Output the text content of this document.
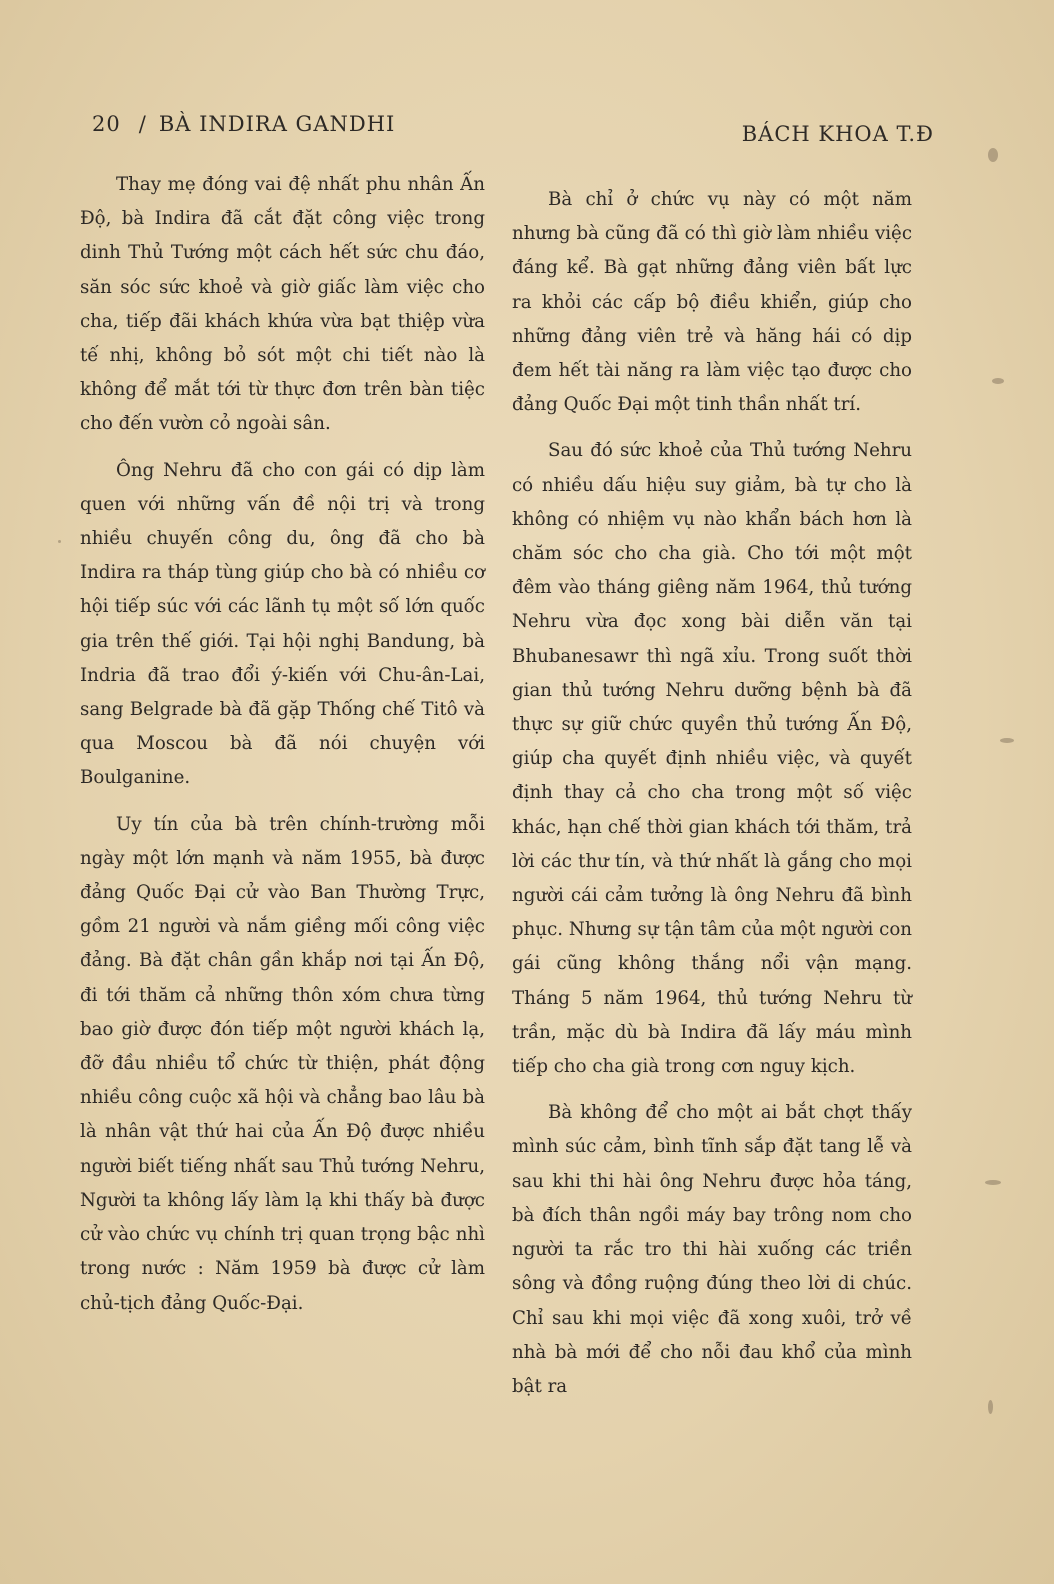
20 / BÀ INDIRA GANDHI	BÁCH KHOA T.Đ

Thay mẹ đóng vai đệ nhất phu nhân Ấn Độ, bà Indira đã cắt đặt công việc trong dinh Thủ Tướng một cách hết sức chu đáo, săn sóc sức khoẻ và giờ giấc làm việc cho cha, tiếp đãi khách khứa vừa bạt thiệp vừa tế nhị, không bỏ sót một chi tiết nào là không để mắt tới từ thực đơn trên bàn tiệc cho đến vườn cỏ ngoài sân.

Ông Nehru đã cho con gái có dịp làm quen với những vấn đề nội trị và trong nhiều chuyến công du, ông đã cho bà Indira ra tháp tùng giúp cho bà có nhiều cơ hội tiếp súc với các lãnh tụ một số lớn quốc gia trên thế giới. Tại hội nghị Bandung, bà Indria đã trao đổi ý-kiến với Chu-ân-Lai, sang Belgrade bà đã gặp Thống chế Titô và qua Moscou bà đã nói chuyện với Boulganine.

Uy tín của bà trên chính-trường mỗi ngày một lớn mạnh và năm 1955, bà được đảng Quốc Đại cử vào Ban Thường Trực, gồm 21 người và nắm giềng mối công việc đảng. Bà đặt chân gần khắp nơi tại Ấn Độ, đi tới thăm cả những thôn xóm chưa từng bao giờ được đón tiếp một người khách lạ, đỡ đầu nhiều tổ chức từ thiện, phát động nhiều công cuộc xã hội và chẳng bao lâu bà là nhân vật thứ hai của Ấn Độ được nhiều người biết tiếng nhất sau Thủ tướng Nehru, Người ta không lấy làm lạ khi thấy bà được cử vào chức vụ chính trị quan trọng bậc nhì trong nước : Năm 1959 bà được cử làm chủ-tịch đảng Quốc-Đại.

Bà chỉ ở chức vụ này có một năm nhưng bà cũng đã có thì giờ làm nhiều việc đáng kể. Bà gạt những đảng viên bất lực ra khỏi các cấp bộ điều khiển, giúp cho những đảng viên trẻ và hăng hái có dịp đem hết tài năng ra làm việc tạo được cho đảng Quốc Đại một tinh thần nhất trí.

Sau đó sức khoẻ của Thủ tướng Nehru có nhiều dấu hiệu suy giảm, bà tự cho là không có nhiệm vụ nào khẩn bách hơn là chăm sóc cho cha già. Cho tới một một đêm vào tháng giêng năm 1964, thủ tướng Nehru vừa đọc xong bài diễn văn tại Bhubanesawr thì ngã xỉu. Trong suốt thời gian thủ tướng Nehru dưỡng bệnh bà đã thực sự giữ chức quyền thủ tướng Ấn Độ, giúp cha quyết định nhiều việc, và quyết định thay cả cho cha trong một số việc khác, hạn chế thời gian khách tới thăm, trả lời các thư tín, và thứ nhất là gắng cho mọi người cái cảm tưởng là ông Nehru đã bình phục. Nhưng sự tận tâm của một người con gái cũng không thắng nổi vận mạng. Tháng 5 năm 1964, thủ tướng Nehru từ trần, mặc dù bà Indira đã lấy máu mình tiếp cho cha già trong cơn nguy kịch.

Bà không để cho một ai bắt chợt thấy mình súc cảm, bình tĩnh sắp đặt tang lễ và sau khi thi hài ông Nehru được hỏa táng, bà đích thân ngồi máy bay trông nom cho người ta rắc tro thi hài xuống các triền sông và đồng ruộng đúng theo lời di chúc. Chỉ sau khi mọi việc đã xong xuôi, trở về nhà bà mới để cho nỗi đau khổ của mình bật ra
